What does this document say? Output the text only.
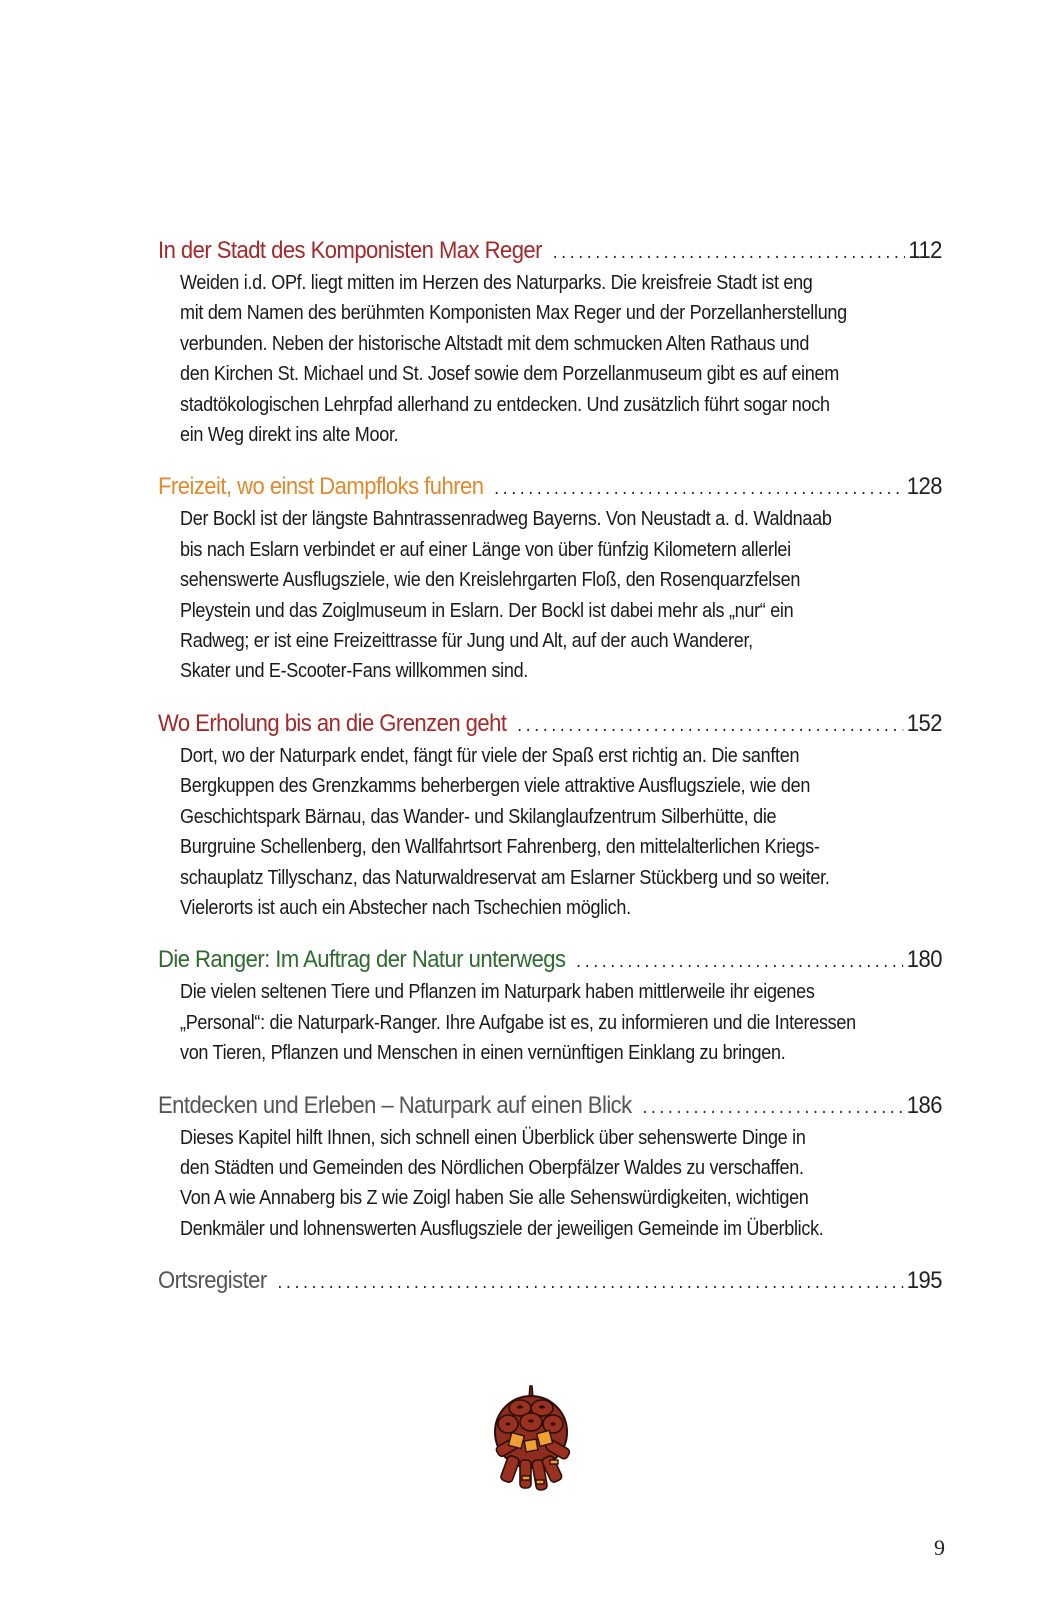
In der Stadt des Komponisten Max Reger .....	112
Weiden i.d. OPf. liegt mitten im Herzen des Naturparks. Die kreisfreie Stadt ist eng
mit dem Namen des berühmten Komponisten Max Reger und der Porzellanherstellung
verbunden. Neben der historische Altstadt mit dem schmucken Alten Rathaus und
den Kirchen St. Michael und St. Josef sowie dem Porzellanmuseum gibt es auf einem
stadtökologischen Lehrpfad allerhand zu entdecken. Und zusätzlich führt sogar noch
ein Weg direkt ins alte Moor.
Freizeit, wo einst Dampfloks fuhren .....	128
Der Bockl ist der längste Bahntrassenradweg Bayerns. Von Neustadt a. d. Waldnaab
bis nach Eslarn verbindet er auf einer Länge von über fünfzig Kilometern allerlei
sehenswerte Ausflugsziele, wie den Kreislehrgarten Floß, den Rosenquarzfelsen
Pleystein und das Zoiglmuseum in Eslarn. Der Bockl ist dabei mehr als „nur“ ein
Radweg; er ist eine Freizeittrasse für Jung und Alt, auf der auch Wanderer,
Skater und E-Scooter-Fans willkommen sind.
Wo Erholung bis an die Grenzen geht .....	152
Dort, wo der Naturpark endet, fängt für viele der Spaß erst richtig an. Die sanften
Bergkuppen des Grenzkamms beherbergen viele attraktive Ausflugsziele, wie den
Geschichtspark Bärnau, das Wander- und Skilanglaufzentrum Silberhütte, die
Burgruine Schellenberg, den Wallfahrtsort Fahrenberg, den mittelalterlichen Kriegs-
schauplatz Tillyschanz, das Naturwaldreservat am Eslarner Stückberg und so weiter.
Vielerorts ist auch ein Abstecher nach Tschechien möglich.
Die Ranger: Im Auftrag der Natur unterwegs .....	180
Die vielen seltenen Tiere und Pflanzen im Naturpark haben mittlerweile ihr eigenes
„Personal“: die Naturpark-Ranger. Ihre Aufgabe ist es, zu informieren und die Interessen
von Tieren, Pflanzen und Menschen in einen vernünftigen Einklang zu bringen.
Entdecken und Erleben – Naturpark auf einen Blick .....	186
Dieses Kapitel hilft Ihnen, sich schnell einen Überblick über sehenswerte Dinge in
den Städten und Gemeinden des Nördlichen Oberpfälzer Waldes zu verschaffen.
Von A wie Annaberg bis Z wie Zoigl haben Sie alle Sehenswürdigkeiten, wichtigen
Denkmäler und lohnenswerten Ausflugsziele der jeweiligen Gemeinde im Überblick.
Ortsregister .....	195
9
